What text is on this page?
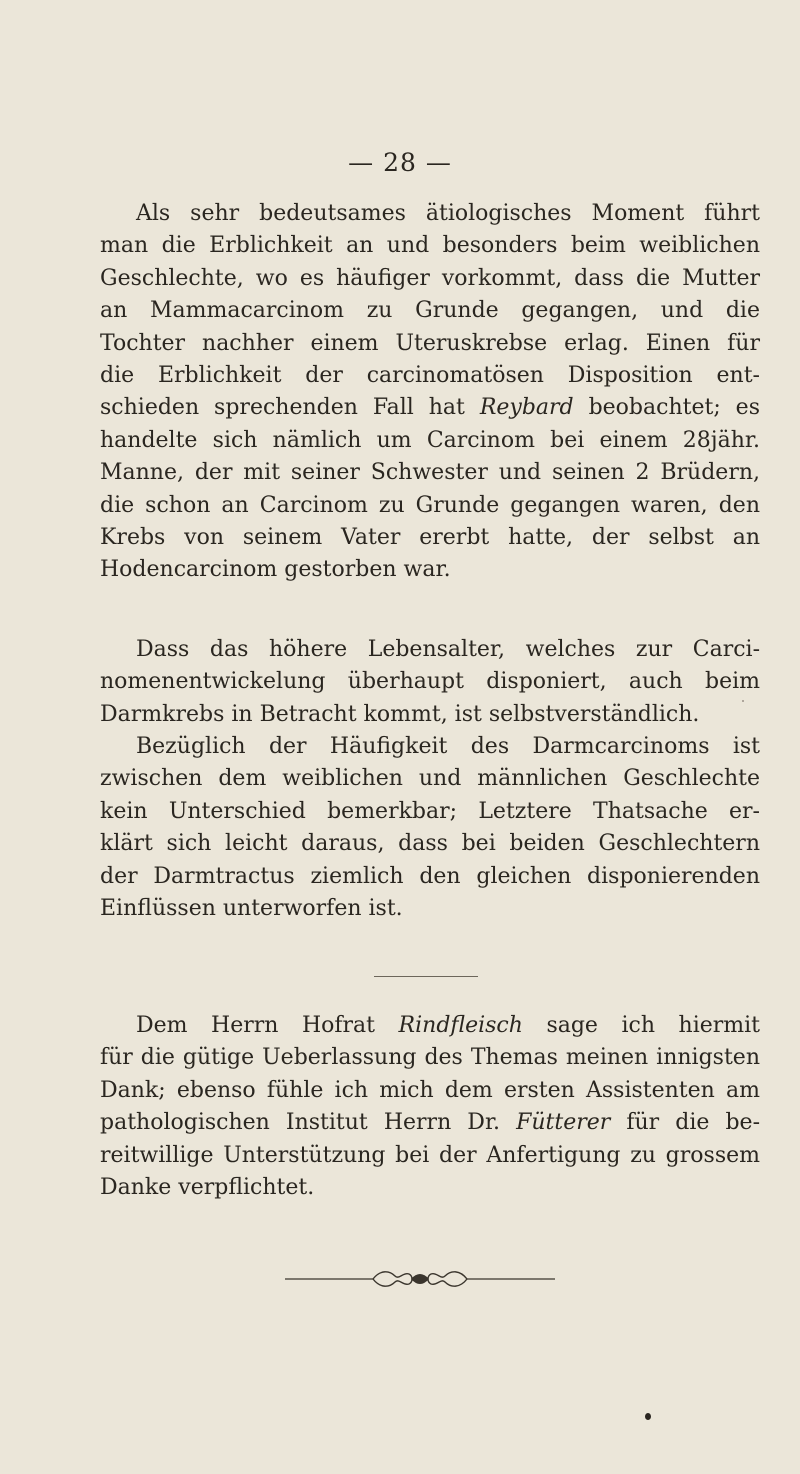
— 28 —
Als sehr bedeutsames ätiologisches Moment führt
man die Erblichkeit an und besonders beim weiblichen
Geschlechte, wo es häufiger vorkommt, dass die Mutter
an Mammacarcinom zu Grunde gegangen, und die
Tochter nachher einem Uteruskrebse erlag. Einen für
die Erblichkeit der carcinomatösen Disposition ent-
schieden sprechenden Fall hat Reybard beobachtet; es
handelte sich nämlich um Carcinom bei einem 28jähr.
Manne, der mit seiner Schwester und seinen 2 Brüdern,
die schon an Carcinom zu Grunde gegangen waren, den
Krebs von seinem Vater ererbt hatte, der selbst an
Hodencarcinom gestorben war.
Dass das höhere Lebensalter, welches zur Carci-
nomenentwickelung überhaupt disponiert, auch beim
Darmkrebs in Betracht kommt, ist selbstverständlich.
Bezüglich der Häufigkeit des Darmcarcinoms ist
zwischen dem weiblichen und männlichen Geschlechte
kein Unterschied bemerkbar; Letztere Thatsache er-
klärt sich leicht daraus, dass bei beiden Geschlechtern
der Darmtractus ziemlich den gleichen disponierenden
Einflüssen unterworfen ist.
Dem Herrn Hofrat Rindfleisch sage ich hiermit
für die gütige Ueberlassung des Themas meinen innigsten
Dank; ebenso fühle ich mich dem ersten Assistenten am
pathologischen Institut Herrn Dr. Fütterer für die be-
reitwillige Unterstützung bei der Anfertigung zu grossem
Danke verpflichtet.
